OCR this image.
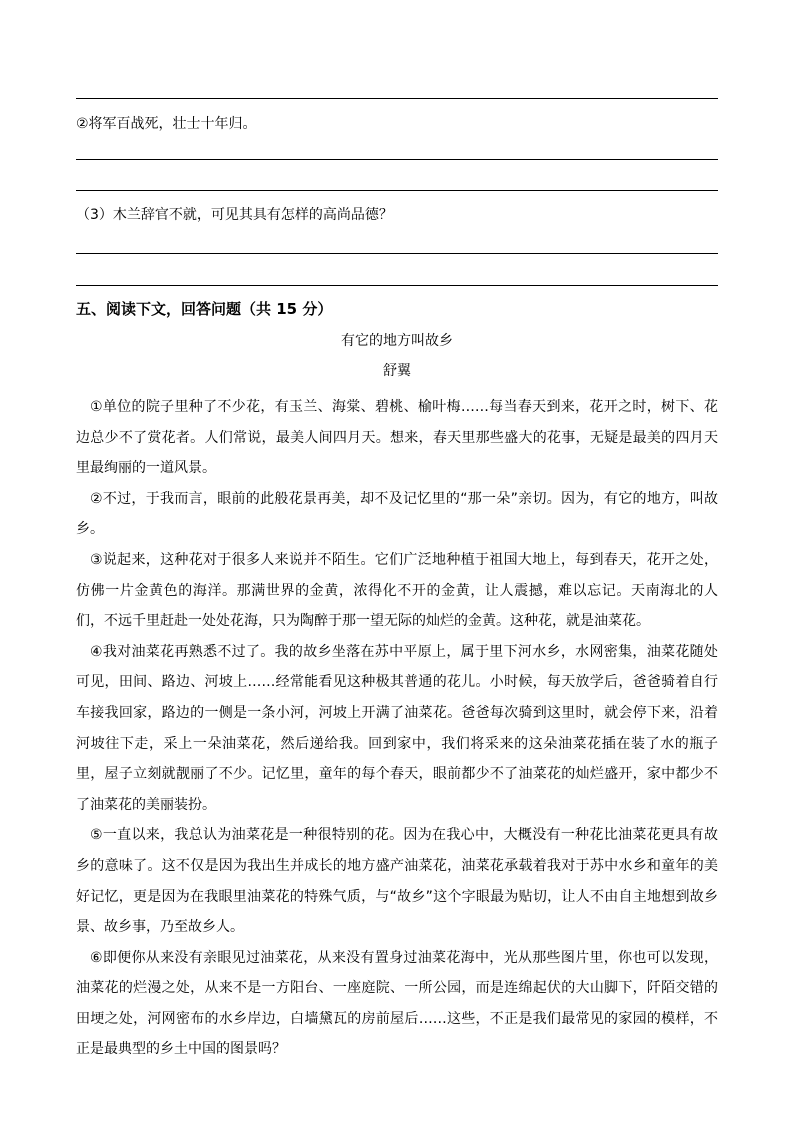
②将军百战死，壮士十年归。
（3）木兰辞官不就，可见其具有怎样的高尚品德？
五、阅读下文，回答问题（共 15 分）
有它的地方叫故乡
舒翼

①单位的院子里种了不少花，有玉兰、海棠、碧桃、榆叶梅……每当春天到来，花开之时，树下、花边总少不了赏花者。人们常说，最美人间四月天。想来，春天里那些盛大的花事，无疑是最美的四月天里最绚丽的一道风景。

②不过，于我而言，眼前的此般花景再美，却不及记忆里的“那一朵”亲切。因为，有它的地方，叫故乡。

③说起来，这种花对于很多人来说并不陌生。它们广泛地种植于祖国大地上，每到春天，花开之处，仿佛一片金黄色的海洋。那满世界的金黄，浓得化不开的金黄，让人震撼，难以忘记。天南海北的人们，不远千里赶赴一处处花海，只为陶醉于那一望无际的灿烂的金黄。这种花，就是油菜花。

④我对油菜花再熟悉不过了。我的故乡坐落在苏中平原上，属于里下河水乡，水网密集，油菜花随处可见，田间、路边、河坡上……经常能看见这种极其普通的花儿。小时候，每天放学后，爸爸骑着自行车接我回家，路边的一侧是一条小河，河坡上开满了油菜花。爸爸每次骑到这里时，就会停下来，沿着河坡往下走，采上一朵油菜花，然后递给我。回到家中，我们将采来的这朵油菜花插在装了水的瓶子里，屋子立刻就靓丽了不少。记忆里，童年的每个春天，眼前都少不了油菜花的灿烂盛开，家中都少不了油菜花的美丽装扮。

⑤一直以来，我总认为油菜花是一种很特别的花。因为在我心中，大概没有一种花比油菜花更具有故乡的意味了。这不仅是因为我出生并成长的地方盛产油菜花，油菜花承载着我对于苏中水乡和童年的美好记忆，更是因为在我眼里油菜花的特殊气质，与“故乡”这个字眼最为贴切，让人不由自主地想到故乡景、故乡事，乃至故乡人。

⑥即便你从来没有亲眼见过油菜花，从来没有置身过油菜花海中，光从那些图片里，你也可以发现，油菜花的烂漫之处，从来不是一方阳台、一座庭院、一所公园，而是连绵起伏的大山脚下，阡陌交错的田埂之处，河网密布的水乡岸边，白墙黛瓦的房前屋后……这些，不正是我们最常见的家园的模样，不正是最典型的乡土中国的图景吗？
